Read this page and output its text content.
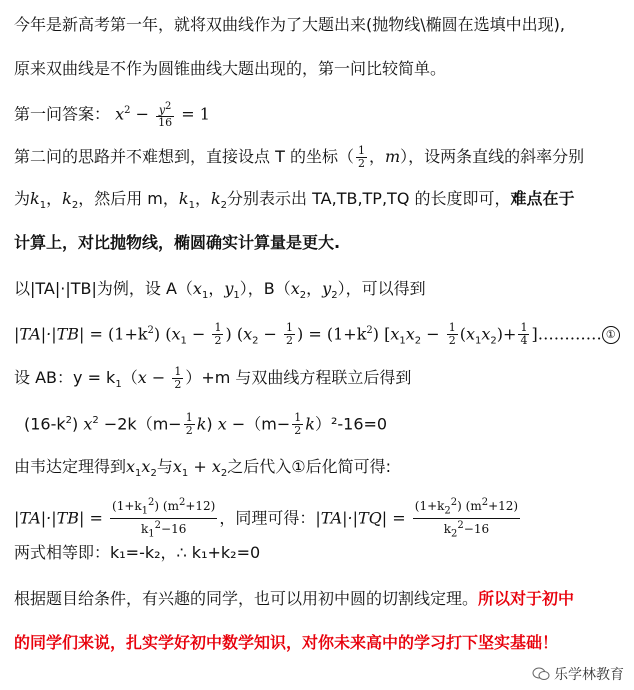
今年是新高考第一年，就将双曲线作为了大题出来(抛物线\椭圆在选填中出现),
原来双曲线是不作为圆锥曲线大题出现的，第一问比较简单。
第一问答案： $x^2 - \frac{y^2}{16} = 1$
第二问的思路并不难想到，直接设点 T 的坐标（ $\frac{1}{2}$ ，m），设两条直线的斜率分别
为$k_1$，$k_2$，然后用 m，$k_1$，$k_2$分别表示出 TA,TB,TP,TQ 的长度即可，难点在于
计算上，对比抛物线，椭圆确实计算量是更大.
以|TA|·|TB|为例，设 $A(x_1$，$y_1$），$B(x_2$，$y_2$），可以得到
$|TA|\cdot|TB| = (1+k^2) (x_1 - \frac{1}{2}$ ) ($x_2 - \frac{1}{2}$ ) = $(1+k^2) [x_1x_2 - \frac{1}{2} (x_1x_2)+ \frac{1}{4}$ ]………… ①
设 AB：$y = k_1(x - \frac{1}{2} )+m$ 与双曲线方程联立后得到
$(16-k^2)$ $x^2 -2k(m- \frac{1}{2} k)$ $x -(m- \frac{1}{2} k)^2-16=0$
由韦达定理得到$x_1x_2$与$x_1 + x_2$之后代入①后化简可得:
$|TA|\cdot|TB| = \frac{(1+k_1^2) (m^2+12)}{k_1^2-16}$ ，同理可得：$|TA|\cdot|TQ| = \frac{(1+k_2^2) (m^2+12)}{k_2^2-16}$
两式相等即：k₁=-k₂，∴ k₁+k₂=0
根据题目给条件，有兴趣的同学，也可以用初中圆的切割线定理。所以对于初中
的同学们来说，扎实学好初中数学知识，对你未来高中的学习打下坚实基础！
乐学林教育
